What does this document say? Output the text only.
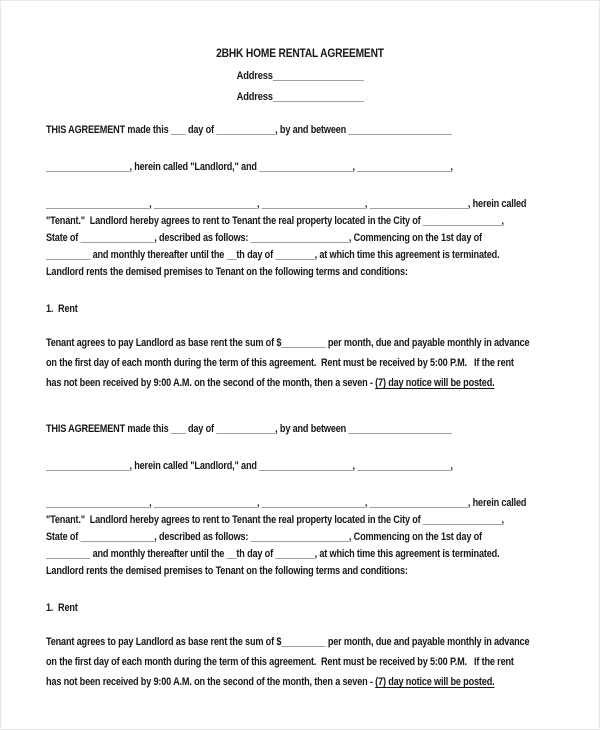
2BHK HOME RENTAL AGREEMENT
Address__________________
Address__________________
THIS AGREEMENT made this ___ day of ____________, by and between _____________________
_________________, herein called "Landlord," and ___________________, ___________________,
_____________________, _____________________, _____________________, ____________________, herein called
"Tenant."  Landlord hereby agrees to rent to Tenant the real property located in the City of ________________,
State of _______________, described as follows: ____________________, Commencing on the 1st day of
_________ and monthly thereafter until the __th day of ________, at which time this agreement is terminated.
Landlord rents the demised premises to Tenant on the following terms and conditions:
1.  Rent
Tenant agrees to pay Landlord as base rent the sum of $_________ per month, due and payable monthly in advance
on the first day of each month during the term of this agreement.  Rent must be received by 5:00 P.M.   If the rent
has not been received by 9:00 A.M. on the second of the month, then a seven - (7) day notice will be posted.
THIS AGREEMENT made this ___ day of ____________, by and between _____________________
_________________, herein called "Landlord," and ___________________, ___________________,
_____________________, _____________________, _____________________, ____________________, herein called
"Tenant."  Landlord hereby agrees to rent to Tenant the real property located in the City of ________________,
State of _______________, described as follows: ____________________, Commencing on the 1st day of
_________ and monthly thereafter until the __th day of ________, at which time this agreement is terminated.
Landlord rents the demised premises to Tenant on the following terms and conditions:
1.  Rent
Tenant agrees to pay Landlord as base rent the sum of $_________ per month, due and payable monthly in advance
on the first day of each month during the term of this agreement.  Rent must be received by 5:00 P.M.   If the rent
has not been received by 9:00 A.M. on the second of the month, then a seven - (7) day notice will be posted.
